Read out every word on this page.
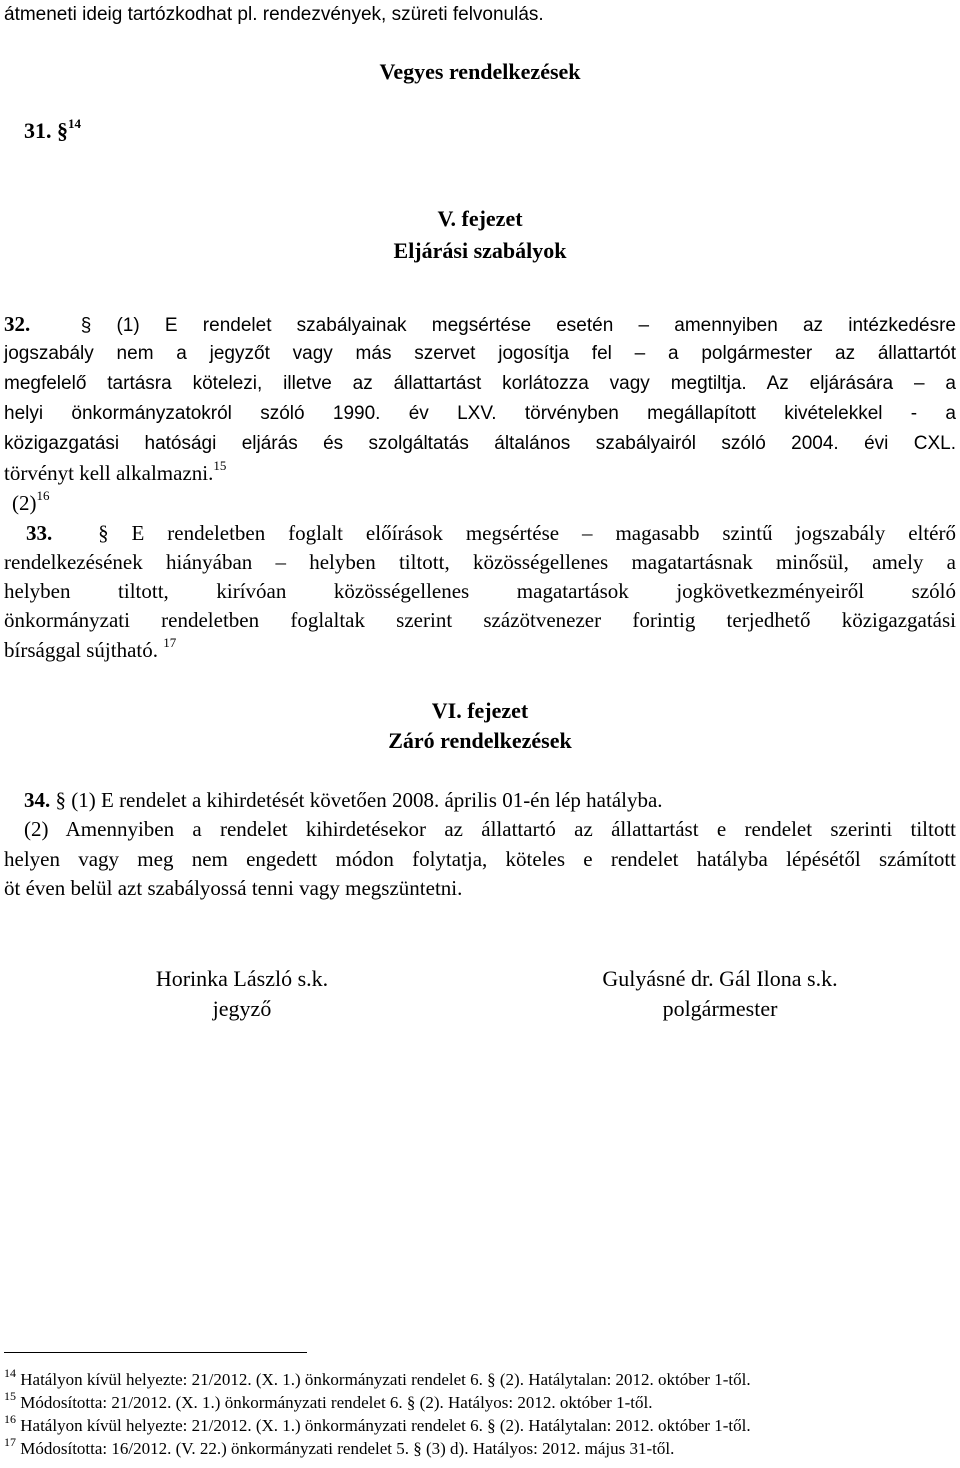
átmeneti ideig tartózkodhat pl. rendezvények, szüreti felvonulás.
Vegyes rendelkezések
31. §$^{14}$
V. fejezet
Eljárási szabályok
32.	§ (1) E rendelet szabályainak megsértése esetén – amennyiben az intézkedésre
jogszabály nem a jegyzőt vagy más szervet jogosítja fel – a polgármester az állattartót
megfelelő tartásra kötelezi, illetve az állattartást korlátozza vagy megtiltja. Az eljárására – a
helyi önkormányzatokról szóló 1990. év LXV. törvényben megállapított kivételekkel - a
közigazgatási hatósági eljárás és szolgáltatás általános szabályairól szóló 2004. évi CXL.
törvényt kell alkalmazni.$^{15}$
$(2)^{16}$
33. § E rendeletben foglalt előírások megsértése – magasabb szintű jogszabály eltérő
rendelkezésének hiányában – helyben tiltott, közösségellenes magatartásnak minősül, amely a
helyben tiltott, kirívóan közösségellenes magatartások jogkövetkezményeiről szóló
önkormányzati rendeletben foglaltak szerint százötvenezer forintig terjedhető közigazgatási
bírsággal sújtható. $^{17}$
VI. fejezet
Záró rendelkezések
34. § (1) E rendelet a kihirdetését követően 2008. április 01-én lép hatályba.
(2) Amennyiben a rendelet kihirdetésekor az állattartó az állattartást e rendelet szerinti tiltott
helyen vagy meg nem engedett módon folytatja, köteles e rendelet hatályba lépésétől számított
öt éven belül azt szabályossá tenni vagy megszüntetni.
Horinka László s.k.
jegyző
Gulyásné dr. Gál Ilona s.k.
polgármester
$^{14}$ Hatályon kívül helyezte: 21/2012. (X. 1.) önkormányzati rendelet 6. § (2). Hatálytalan: 2012. október 1-től.
$^{15}$ Módosította: 21/2012. (X. 1.) önkormányzati rendelet 6. § (2). Hatályos: 2012. október 1-től.
$^{16}$ Hatályon kívül helyezte: 21/2012. (X. 1.) önkormányzati rendelet 6. § (2). Hatálytalan: 2012. október 1-től.
$^{17}$ Módosította: 16/2012. (V. 22.) önkormányzati rendelet 5. § (3) d). Hatályos: 2012. május 31-től.
